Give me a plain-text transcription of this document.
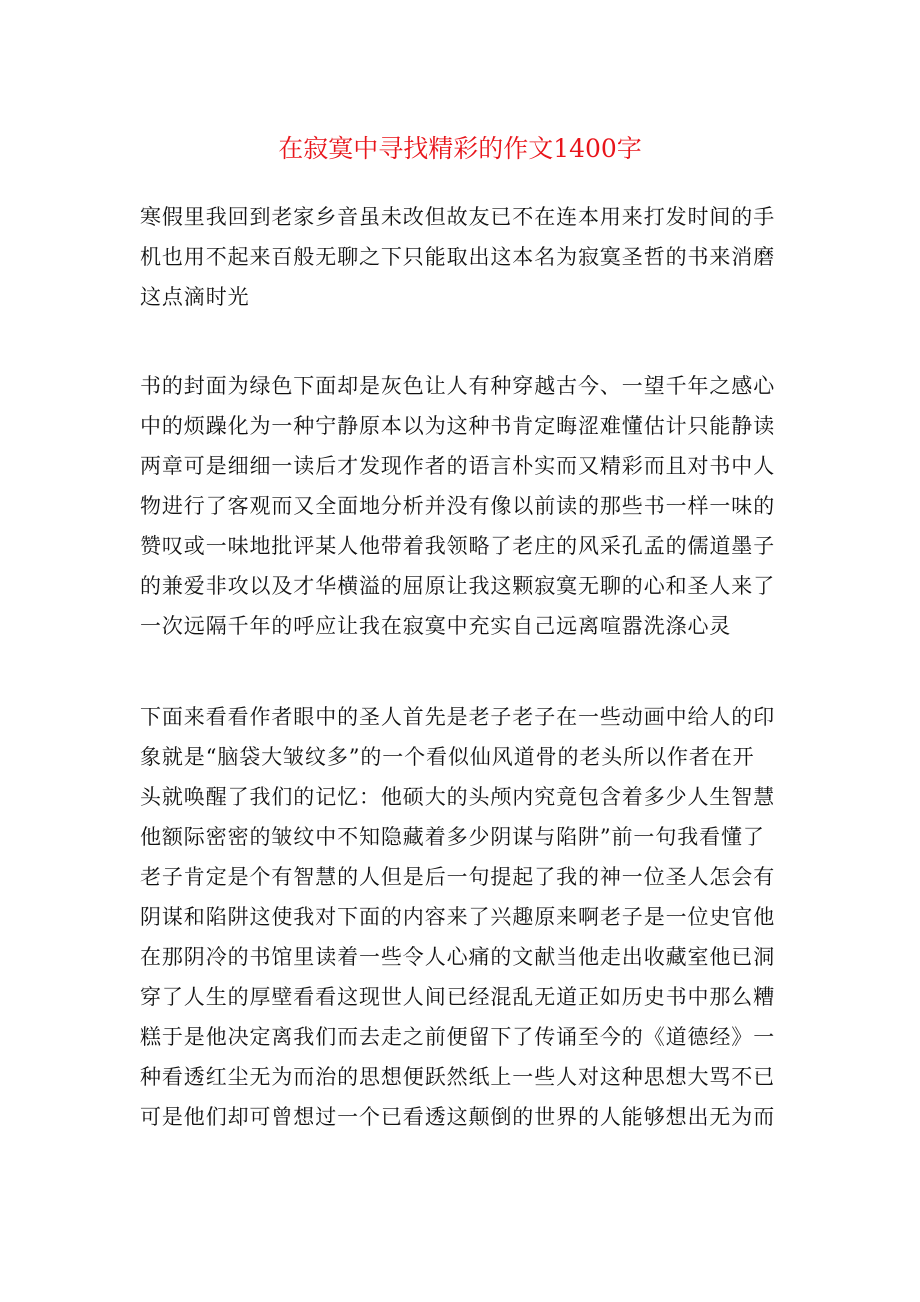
在寂寞中寻找精彩的作文1400字

寒假里我回到老家乡音虽未改但故友已不在连本用来打发时间的手
机也用不起来百般无聊之下只能取出这本名为寂寞圣哲的书来消磨
这点滴时光

书的封面为绿色下面却是灰色让人有种穿越古今、一望千年之感心
中的烦躁化为一种宁静原本以为这种书肯定晦涩难懂估计只能静读
两章可是细细一读后才发现作者的语言朴实而又精彩而且对书中人
物进行了客观而又全面地分析并没有像以前读的那些书一样一味的
赞叹或一味地批评某人他带着我领略了老庄的风采孔孟的儒道墨子
的兼爱非攻以及才华横溢的屈原让我这颗寂寞无聊的心和圣人来了
一次远隔千年的呼应让我在寂寞中充实自己远离喧嚣洗涤心灵

下面来看看作者眼中的圣人首先是老子老子在一些动画中给人的印
象就是“脑袋大皱纹多”的一个看似仙风道骨的老头所以作者在开
头就唤醒了我们的记忆：他硕大的头颅内究竟包含着多少人生智慧
他额际密密的皱纹中不知隐藏着多少阴谋与陷阱”前一句我看懂了
老子肯定是个有智慧的人但是后一句提起了我的神一位圣人怎会有
阴谋和陷阱这使我对下面的内容来了兴趣原来啊老子是一位史官他
在那阴冷的书馆里读着一些令人心痛的文献当他走出收藏室他已洞
穿了人生的厚壁看看这现世人间已经混乱无道正如历史书中那么糟
糕于是他决定离我们而去走之前便留下了传诵至今的《道德经》一
种看透红尘无为而治的思想便跃然纸上一些人对这种思想大骂不已
可是他们却可曾想过一个已看透这颠倒的世界的人能够想出无为而
